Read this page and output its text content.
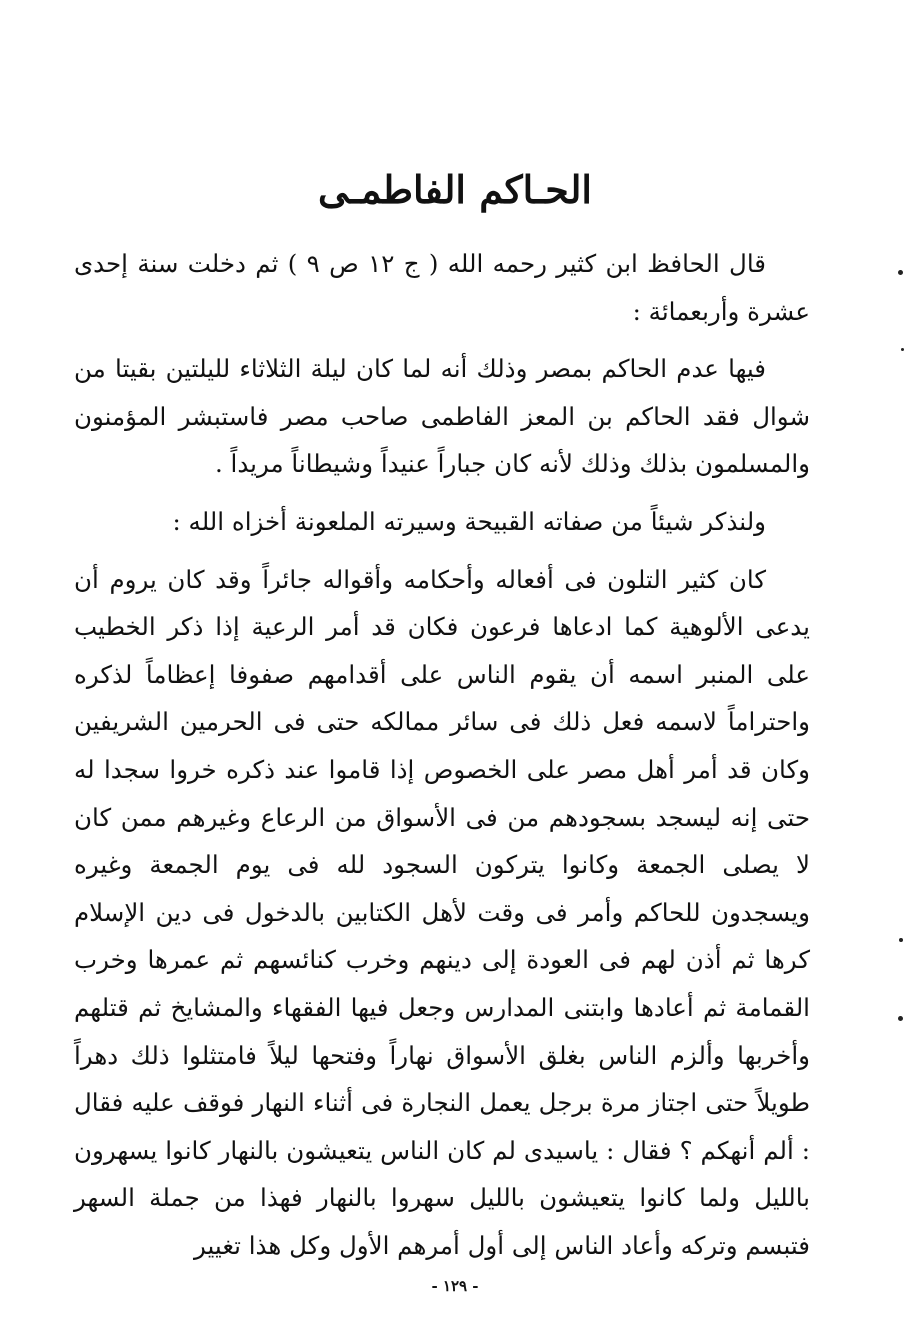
الحـاكم الفاطمـى

قال الحافظ ابن كثير رحمه الله ( ج ١٢ ص ٩ ) ثم دخلت سنة إحدى عشرة وأربعمائة :

فيها عدم الحاكم بمصر وذلك أنه لما كان ليلة الثلاثاء لليلتين بقيتا من شوال فقد الحاكم بن المعز الفاطمى صاحب مصر فاستبشر المؤمنون والمسلمون بذلك وذلك لأنه كان جباراً عنيداً وشيطاناً مريداً .

ولنذكر شيئاً من صفاته القبيحة وسيرته الملعونة أخزاه الله :

كان كثير التلون فى أفعاله وأحكامه وأقواله جائراً وقد كان يروم أن يدعى الألوهية كما ادعاها فرعون فكان قد أمر الرعية إذا ذكر الخطيب على المنبر اسمه أن يقوم الناس على أقدامهم صفوفا إعظاماً لذكره واحتراماً لاسمه فعل ذلك فى سائر ممالكه حتى فى الحرمين الشريفين وكان قد أمر أهل مصر على الخصوص إذا قاموا عند ذكره خروا سجدا له حتى إنه ليسجد بسجودهم من فى الأسواق من الرعاع وغيرهم ممن كان لا يصلى الجمعة وكانوا يتركون السجود لله فى يوم الجمعة وغيره ويسجدون للحاكم وأمر فى وقت لأهل الكتابين بالدخول فى دين الإسلام كرها ثم أذن لهم فى العودة إلى دينهم وخرب كنائسهم ثم عمرها وخرب القمامة ثم أعادها وابتنى المدارس وجعل فيها الفقهاء والمشايخ ثم قتلهم وأخربها وألزم الناس بغلق الأسواق نهاراً وفتحها ليلاً فامتثلوا ذلك دهراً طويلاً حتى اجتاز مرة برجل يعمل النجارة فى أثناء النهار فوقف عليه فقال : ألم أنهكم ؟ فقال : ياسيدى لم كان الناس يتعيشون بالنهار كانوا يسهرون بالليل ولما كانوا يتعيشون بالليل سهروا بالنهار فهذا من جملة السهر فتبسم وتركه وأعاد الناس إلى أول أمرهم الأول وكل هذا تغيير

- ١٢٩ -
